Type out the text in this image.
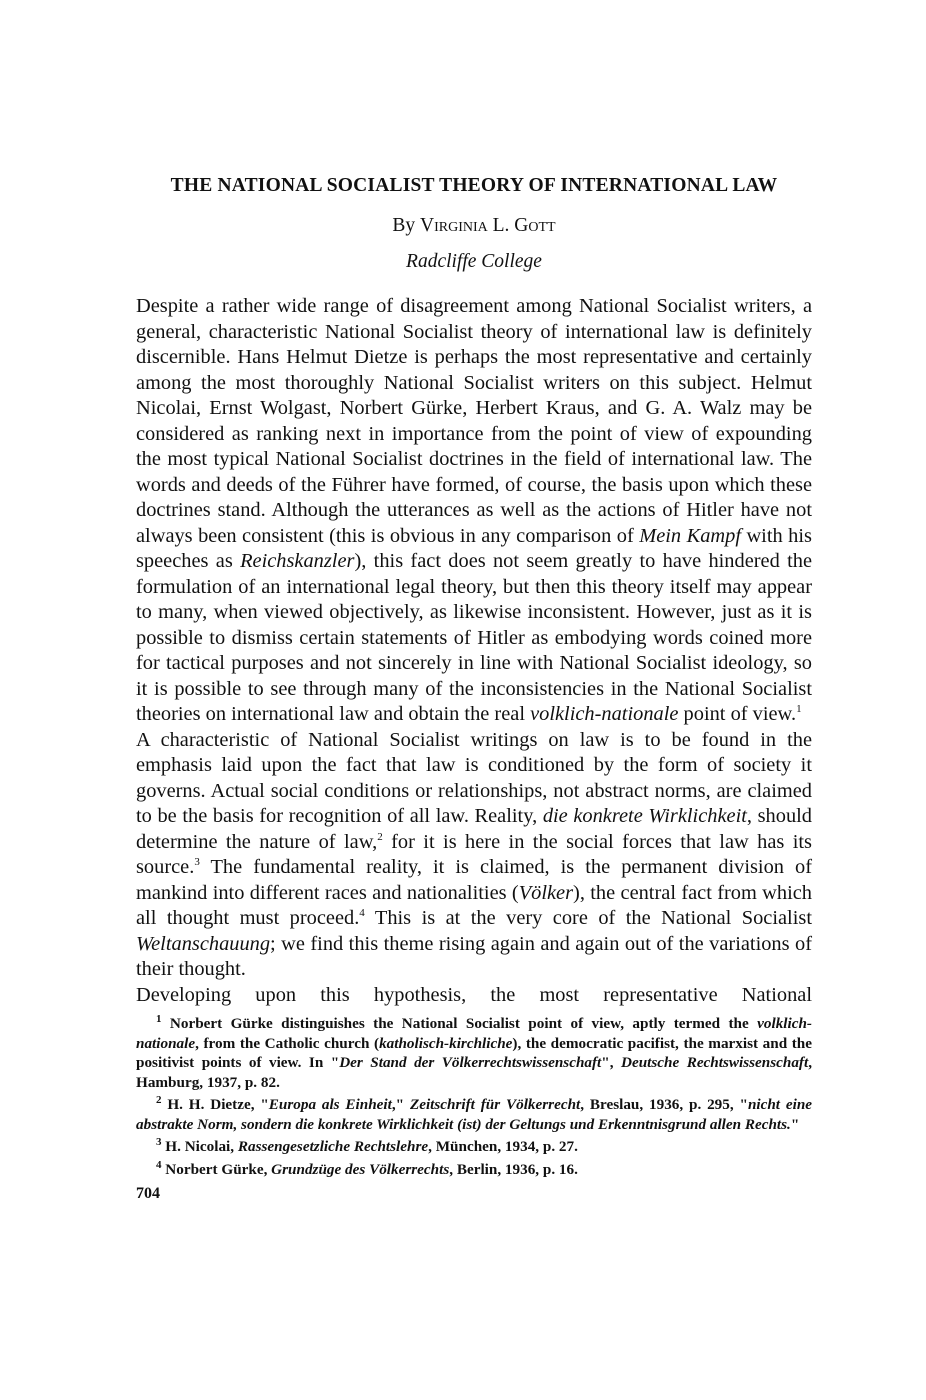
THE NATIONAL SOCIALIST THEORY OF INTERNATIONAL LAW
By Virginia L. Gott
Radcliffe College

Despite a rather wide range of disagreement among National Socialist writers, a general, characteristic National Socialist theory of international law is definitely discernible. Hans Helmut Dietze is perhaps the most representative and certainly among the most thoroughly National Socialist writers on this subject. Helmut Nicolai, Ernst Wolgast, Norbert Gürke, Herbert Kraus, and G. A. Walz may be considered as ranking next in importance from the point of view of expounding the most typical National Socialist doctrines in the field of international law. The words and deeds of the Führer have formed, of course, the basis upon which these doctrines stand. Although the utterances as well as the actions of Hitler have not always been consistent (this is obvious in any comparison of Mein Kampf with his speeches as Reichskanzler), this fact does not seem greatly to have hindered the formulation of an international legal theory, but then this theory itself may appear to many, when viewed objectively, as likewise inconsistent. However, just as it is possible to dismiss certain statements of Hitler as embodying words coined more for tactical purposes and not sincerely in line with National Socialist ideology, so it is possible to see through many of the inconsistencies in the National Socialist theories on international law and obtain the real volklich-nationale point of view.$^1$

A characteristic of National Socialist writings on law is to be found in the emphasis laid upon the fact that law is conditioned by the form of society it governs. Actual social conditions or relationships, not abstract norms, are claimed to be the basis for recognition of all law. Reality, die konkrete Wirklichkeit, should determine the nature of law,$^2$ for it is here in the social forces that law has its source.$^3$ The fundamental reality, it is claimed, is the permanent division of mankind into different races and nationalities (Völker), the central fact from which all thought must proceed.$^4$ This is at the very core of the National Socialist Weltanschauung; we find this theme rising again and again out of the variations of their thought.

Developing upon this hypothesis, the most representative National

$^1$ Norbert Gürke distinguishes the National Socialist point of view, aptly termed the volklich-nationale, from the Catholic church (katholisch-kirchliche), the democratic pacifist, the marxist and the positivist points of view. In "Der Stand der Völkerrechtswissenschaft", Deutsche Rechtswissenschaft, Hamburg, 1937, p. 82.

$^2$ H. H. Dietze, "Europa als Einheit," Zeitschrift für Völkerrecht, Breslau, 1936, p. 295, "nicht eine abstrakte Norm, sondern die konkrete Wirklichkeit (ist) der Geltungs und Erkenntnisgrund allen Rechts."

$^3$ H. Nicolai, Rassengesetzliche Rechtslehre, München, 1934, p. 27.

$^4$ Norbert Gürke, Grundzüge des Völkerrechts, Berlin, 1936, p. 16.

704
